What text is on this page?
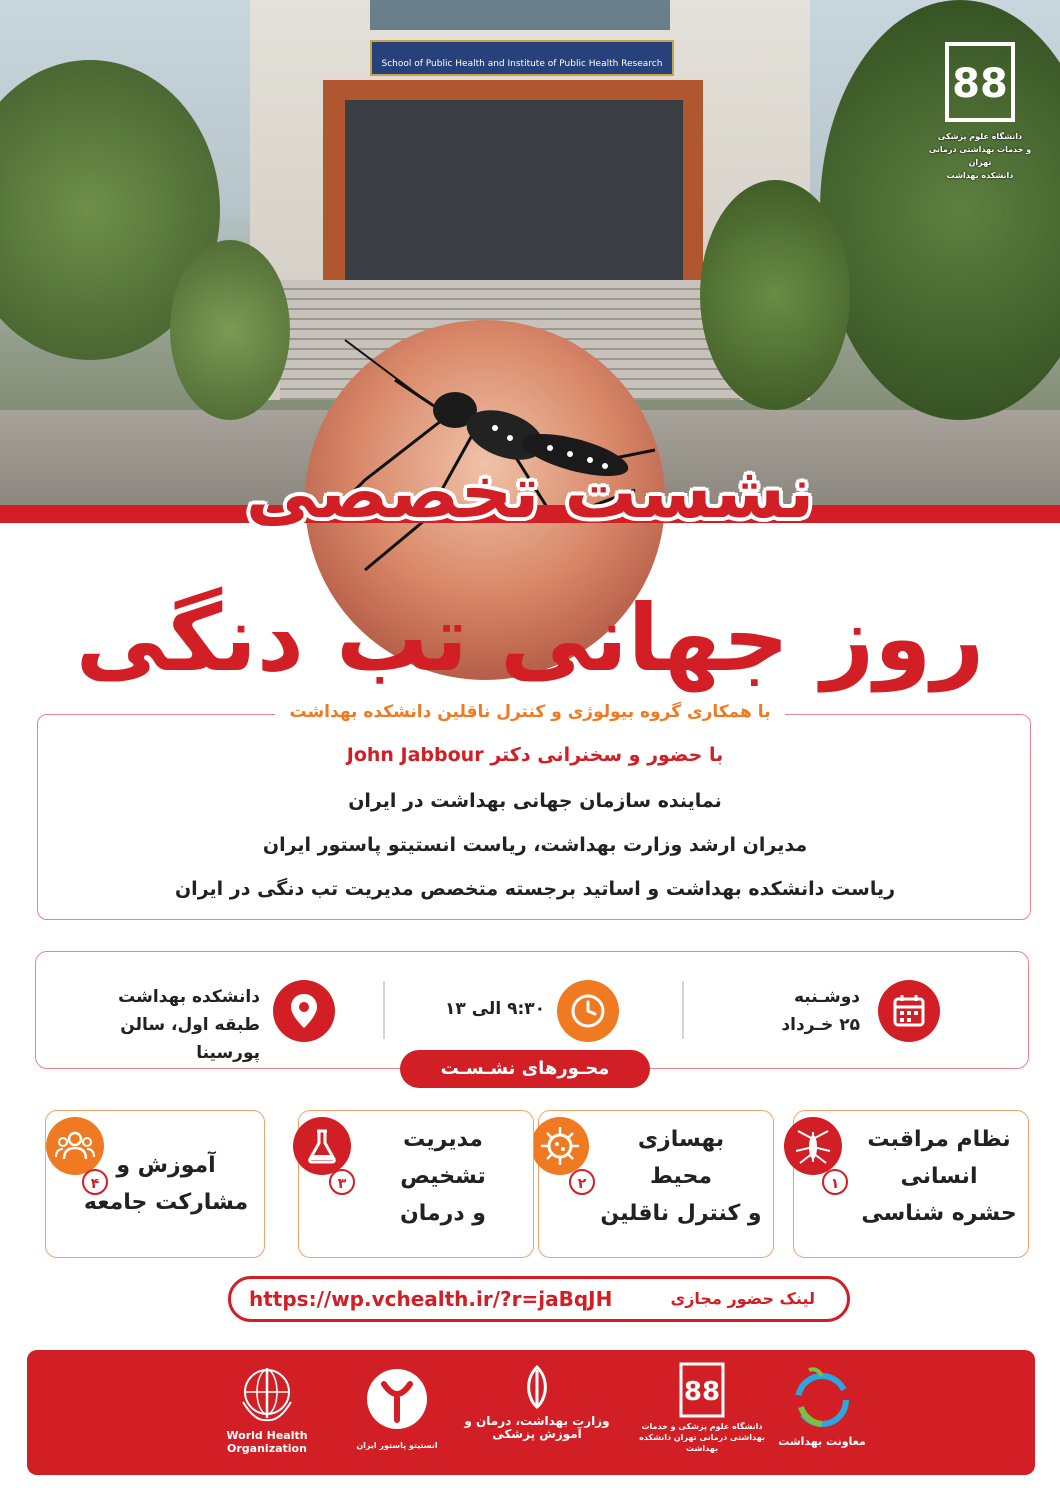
School of Public Health and Institute of Public Health Research	88
دانشگاه علوم پزشکی
و خدمات بهداشتی درمانی تهران
دانشکده بهداشت
نشست تخصصی
روز جهانی تب دنگی
با همکاری گروه بیولوژی و کنترل ناقلین دانشکده بهداشت
با حضور و سخنرانی دکتر John Jabbour
نماینده سازمان جهانی بهداشت در ایران
مدیران ارشد وزارت بهداشت، ریاست انستیتو پاستور ایران
ریاست دانشکده بهداشت و اساتید برجسته متخصص مدیریت تب دنگی در ایران
دوشـنبه
۲۵ خـرداد
۹:۳۰ الی ۱۳
دانشکده بهداشت
طبقه اول، سالن پورسینا
محـورهای نشـسـت
۱
نظام مراقبت
انسانی
حشره شناسی
۲
بهسازی
محیط
و کنترل ناقلین
۳
مدیریت
تشخیص
و درمان
۴
آموزش و
مشارکت جامعه
https://wp.vchealth.ir/?r=jaBqJH	لینک حضور مجازی
معاونت بهداشت
88
دانشگاه علوم پزشکی و خدمات بهداشتی درمانی تهران دانشکده بهداشت
وزارت بهداشت، درمان و آموزش پزشکی
انستیتو پاستور ایران
World Health Organization
